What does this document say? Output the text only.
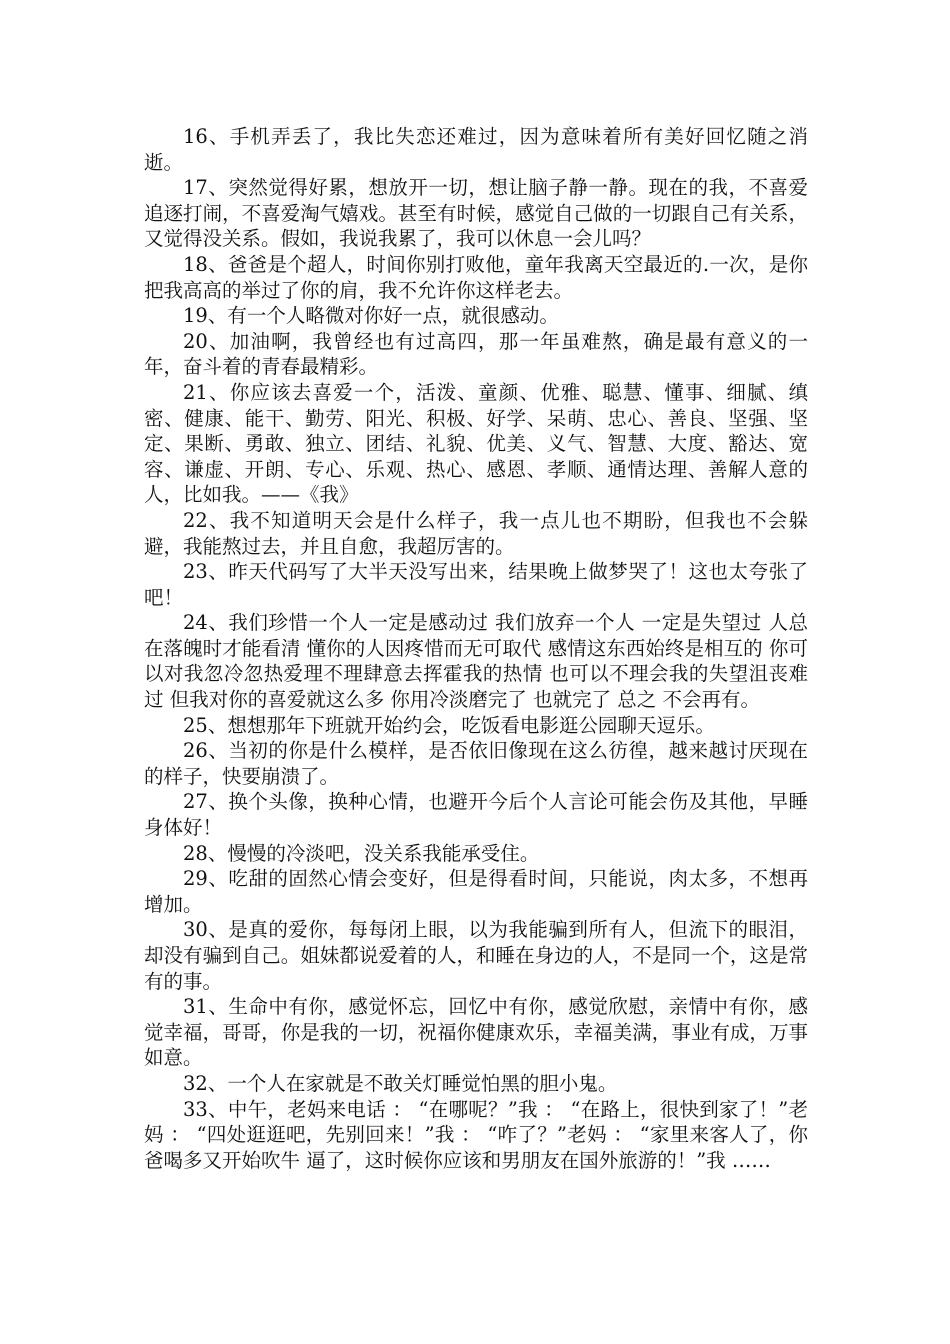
16、手机弄丢了，我比失恋还难过，因为意味着所有美好回忆随之消逝。

17、突然觉得好累，想放开一切，想让脑子静一静。现在的我，不喜爱追逐打闹，不喜爱淘气嬉戏。甚至有时候，感觉自己做的一切跟自己有关系，又觉得没关系。假如，我说我累了，我可以休息一会儿吗？

18、爸爸是个超人，时间你别打败他，童年我离天空最近的.一次，是你把我高高的举过了你的肩，我不允许你这样老去。

19、有一个人略微对你好一点，就很感动。

20、加油啊，我曾经也有过高四，那一年虽难熬，确是最有意义的一年，奋斗着的青春最精彩。

21、你应该去喜爱一个，活泼、童颜、优雅、聪慧、懂事、细腻、缜密、健康、能干、勤劳、阳光、积极、好学、呆萌、忠心、善良、坚强、坚定、果断、勇敢、独立、团结、礼貌、优美、义气、智慧、大度、豁达、宽容、谦虚、开朗、专心、乐观、热心、感恩、孝顺、通情达理、善解人意的人，比如我。——《我》

22、我不知道明天会是什么样子，我一点儿也不期盼，但我也不会躲避，我能熬过去，并且自愈，我超厉害的。

23、昨天代码写了大半天没写出来，结果晚上做梦哭了！这也太夸张了吧！

24、我们珍惜一个人一定是感动过 我们放弃一个人 一定是失望过 人总在落魄时才能看清 懂你的人因疼惜而无可取代 感情这东西始终是相互的 你可以对我忽冷忽热爱理不理肆意去挥霍我的热情 也可以不理会我的失望沮丧难过 但我对你的喜爱就这么多 你用冷淡磨完了 也就完了 总之 不会再有。

25、想想那年下班就开始约会，吃饭看电影逛公园聊天逗乐。

26、当初的你是什么模样，是否依旧像现在这么彷徨，越来越讨厌现在的样子，快要崩溃了。

27、换个头像，换种心情，也避开今后个人言论可能会伤及其他，早睡身体好！

28、慢慢的冷淡吧，没关系我能承受住。

29、吃甜的固然心情会变好，但是得看时间，只能说，肉太多，不想再增加。

30、是真的爱你，每每闭上眼，以为我能骗到所有人，但流下的眼泪，却没有骗到自己。姐妹都说爱着的人，和睡在身边的人，不是同一个，这是常有的事。

31、生命中有你，感觉怀忘，回忆中有你，感觉欣慰，亲情中有你，感觉幸福，哥哥，你是我的一切，祝福你健康欢乐，幸福美满，事业有成，万事如意。

32、一个人在家就是不敢关灯睡觉怕黑的胆小鬼。

33、中午，老妈来电话 ： “在哪呢？”我 ： “在路上，很快到家了！”老妈 ： “四处逛逛吧，先别回来！”我 ： “咋了？”老妈 ： “家里来客人了，你爸喝多又开始吹牛 逼了，这时候你应该和男朋友在国外旅游的！”我 ……
